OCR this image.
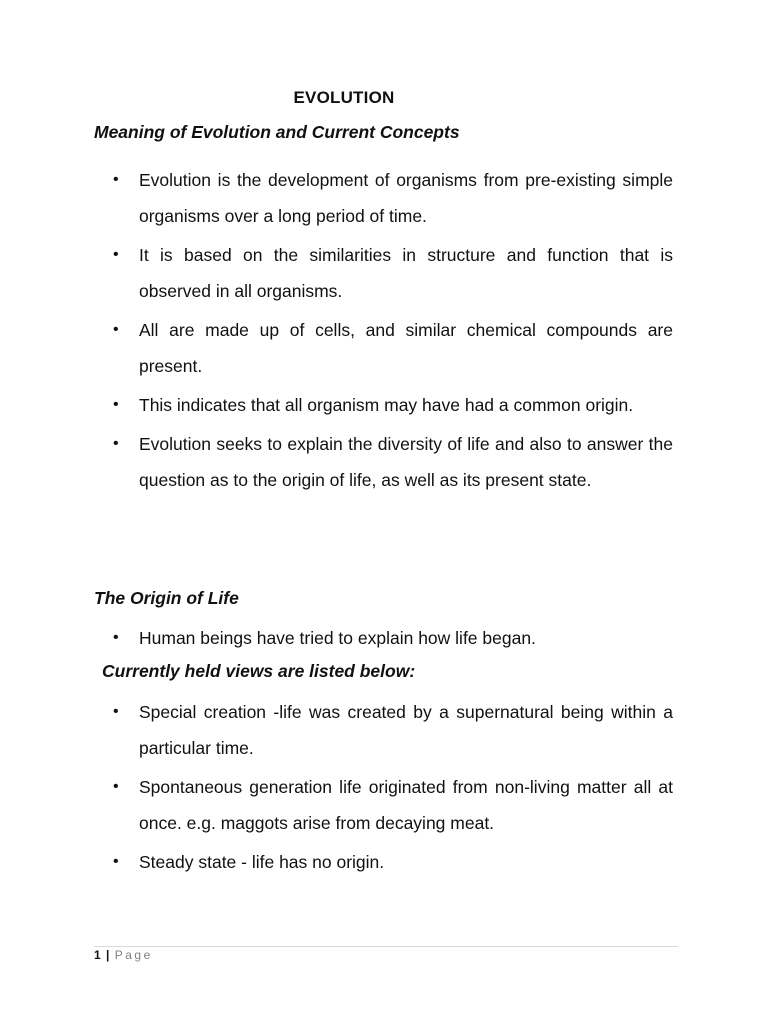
EVOLUTION
Meaning of Evolution and Current Concepts
• Evolution is the development of organisms from pre-existing simple organisms over a long period of time.
• It is based on the similarities in structure and function that is observed in all organisms.
• All are made up of cells, and similar chemical compounds are present.
• This indicates that all organism may have had a common origin.
• Evolution seeks to explain the diversity of life and also to answer the question as to the origin of life, as well as its present state.
The Origin of Life
• Human beings have tried to explain how life began.
Currently held views are listed below:
• Special creation -life was created by a supernatural being within a particular time.
• Spontaneous generation life originated from non-living matter all at once. e.g. maggots arise from decaying meat.
• Steady state - life has no origin.
1 | Page
